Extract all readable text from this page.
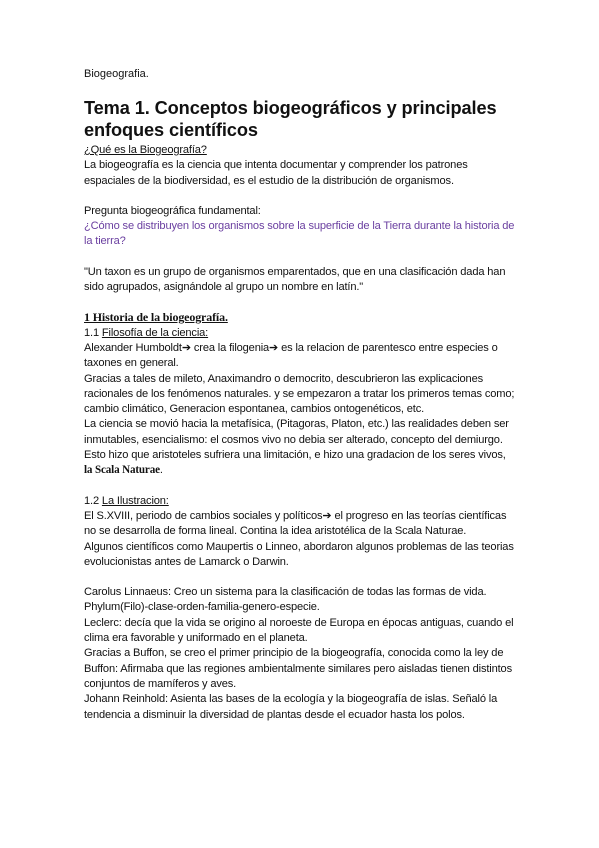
Biogeografia.
Tema 1. Conceptos biogeográficos y principales enfoques científicos

¿Qué es la Biogeografía?

La biogeografía es la ciencia que intenta documentar y comprender los patrones espaciales de la biodiversidad, es el estudio de la distribución de organismos.

Pregunta biogeográfica fundamental:

¿Cómo se distribuyen los organismos sobre la superficie de la Tierra durante la historia de la tierra?

"Un taxon es un grupo de organismos emparentados, que en una clasificación dada han sido agrupados, asignándole al grupo un nombre en latín."

1 Historia de la biogeografía.

1.1 Filosofía de la ciencia:

Alexander Humboldt➔ crea la filogenia➔ es la relacion de parentesco entre especies o taxones en general.

Gracias a tales de mileto, Anaximandro o democrito, descubrieron las explicaciones racionales de los fenómenos naturales. y se empezaron a tratar los primeros temas como; cambio climático, Generacion espontanea, cambios ontogenéticos, etc.

La ciencia se movió hacia la metafísica, (Pitagoras, Platon, etc.) las realidades deben ser inmutables, esencialismo: el cosmos vivo no debia ser alterado, concepto del demiurgo. Esto hizo que aristoteles sufriera una limitación, e hizo una gradacion de los seres vivos, la Scala Naturae.

1.2 La Ilustracion:

El S.XVIII, periodo de cambios sociales y políticos➔ el progreso en las teorías científicas no se desarrolla de forma lineal. Contina la idea aristotélica de la Scala Naturae.

Algunos científicos como Maupertis o Linneo, abordaron algunos problemas de las teorias evolucionistas antes de Lamarck o Darwin.

Carolus Linnaeus: Creo un sistema para la clasificación de todas las formas de vida. Phylum(Filo)-clase-orden-familia-genero-especie.

Leclerc: decía que la vida se origino al noroeste de Europa en épocas antiguas, cuando el clima era favorable y uniformado en el planeta.

Gracias a Buffon, se creo el primer principio de la biogeografía, conocida como la ley de Buffon: Afirmaba que las regiones ambientalmente similares pero aisladas tienen distintos conjuntos de mamíferos y aves.

Johann Reinhold: Asienta las bases de la ecología y la biogeografía de islas. Señaló la tendencia a disminuir la diversidad de plantas desde el ecuador hasta los polos.
